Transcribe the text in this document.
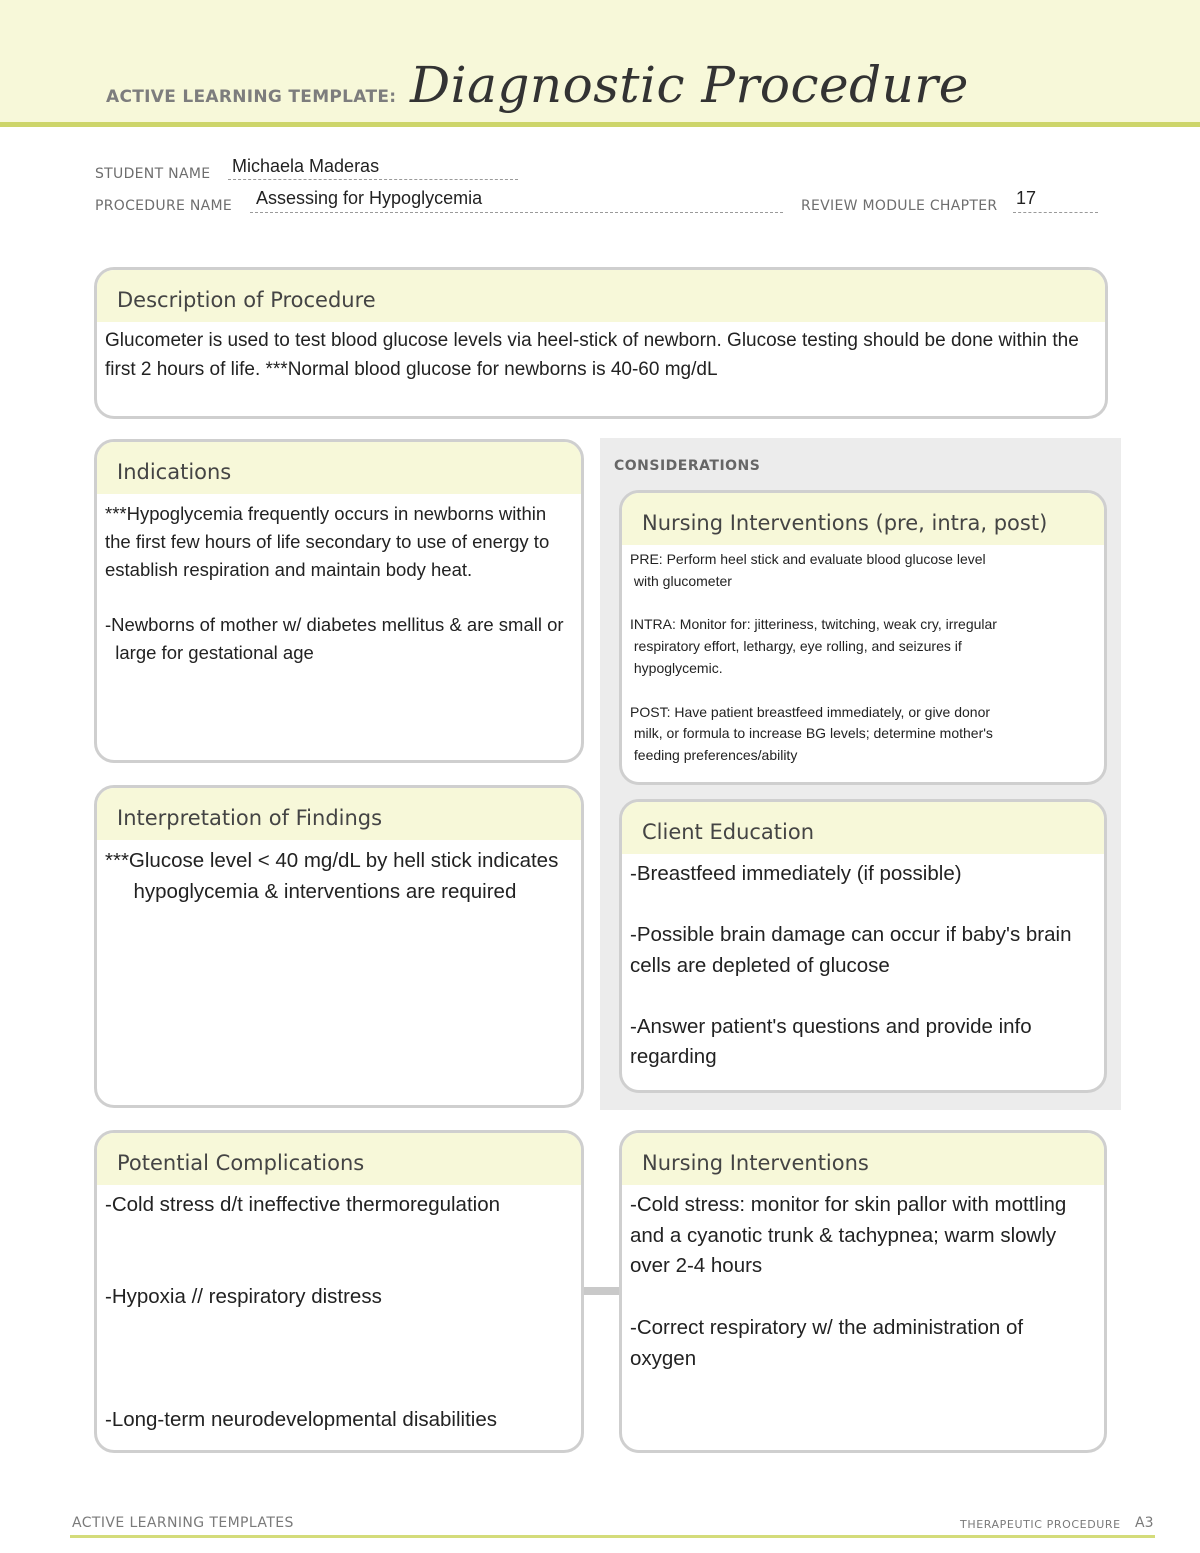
ACTIVE LEARNING TEMPLATE: Diagnostic Procedure
STUDENT NAME Michaela Maderas
PROCEDURE NAME Assessing for Hypoglycemia	REVIEW MODULE CHAPTER 17
Description of Procedure
Glucometer is used to test blood glucose levels via heel-stick of newborn. Glucose testing should be done within the first 2 hours of life. ***Normal blood glucose for newborns is 40-60 mg/dL
CONSIDERATIONS
Indications
***Hypoglycemia frequently occurs in newborns within the first few hours of life secondary to use of energy to establish respiration and maintain body heat.

-Newborns of mother w/ diabetes mellitus & are small or
large for gestational age
Nursing Interventions (pre, intra, post)
PRE: Perform heel stick and evaluate blood glucose level
with glucometer

INTRA: Monitor for: jitteriness, twitching, weak cry, irregular
respiratory effort, lethargy, eye rolling, and seizures if
hypoglycemic.

POST: Have patient breastfeed immediately, or give donor
milk, or formula to increase BG levels; determine mother's
feeding preferences/ability
Interpretation of Findings
***Glucose level < 40 mg/dL by hell stick indicates
hypoglycemia & interventions are required
Client Education
-Breastfeed immediately (if possible)

-Possible brain damage can occur if baby's brain cells are depleted of glucose

-Answer patient's questions and provide info regarding
Potential Complications
-Cold stress d/t ineffective thermoregulation

-Hypoxia // respiratory distress

-Long-term neurodevelopmental disabilities
Nursing Interventions
-Cold stress: monitor for skin pallor with mottling and a cyanotic trunk & tachypnea; warm slowly over 2-4 hours

-Correct respiratory w/ the administration of oxygen
ACTIVE LEARNING TEMPLATES	THERAPEUTIC PROCEDURE A3
